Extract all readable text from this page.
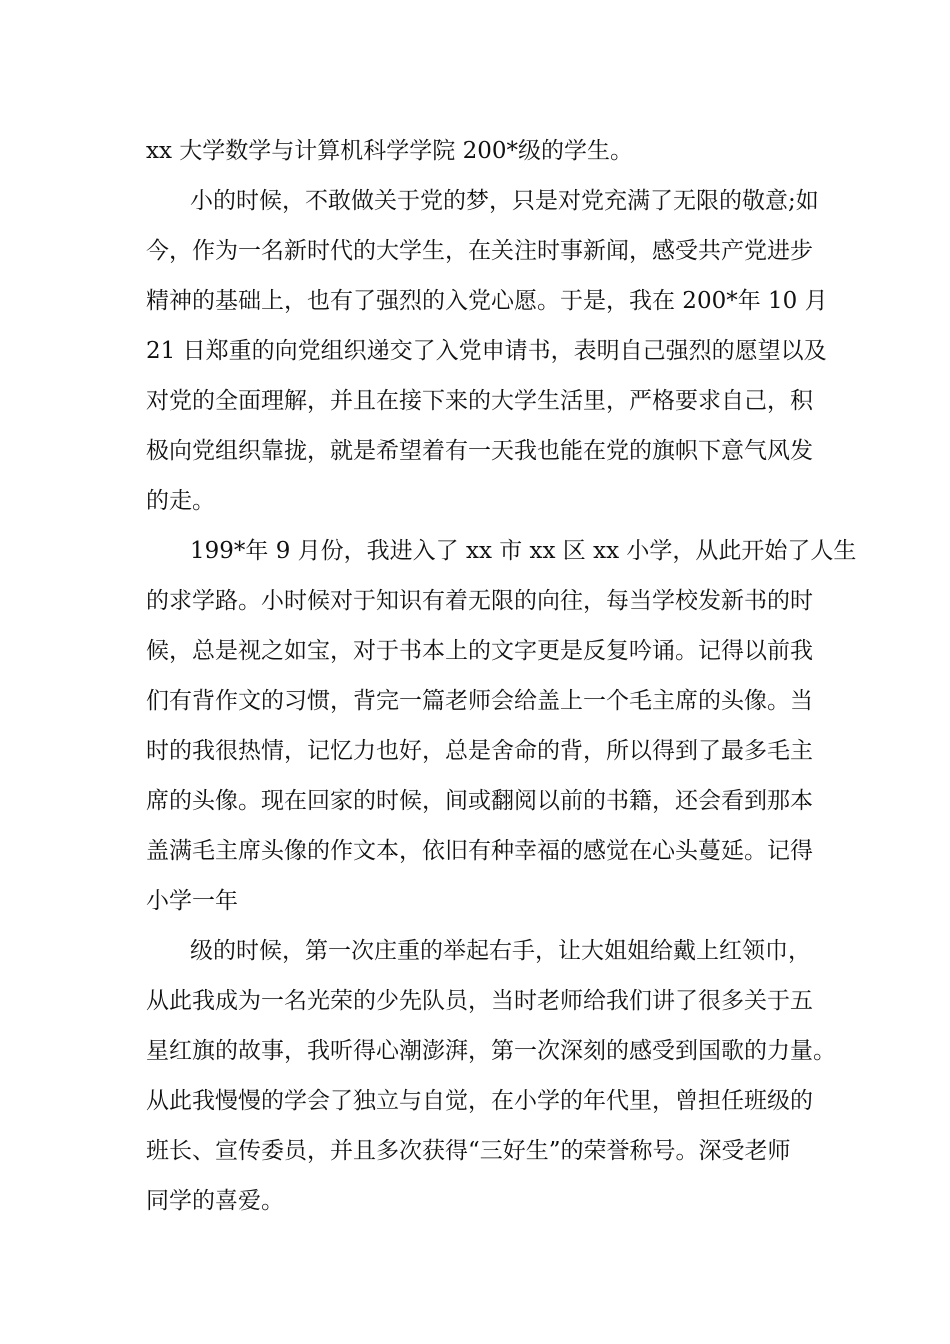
xx 大学数学与计算机科学学院 200*级的学生。
小的时候，不敢做关于党的梦，只是对党充满了无限的敬意;如
今，作为一名新时代的大学生，在关注时事新闻，感受共产党进步
精神的基础上，也有了强烈的入党心愿。于是，我在 200*年 10 月
21 日郑重的向党组织递交了入党申请书，表明自己强烈的愿望以及
对党的全面理解，并且在接下来的大学生活里，严格要求自己，积
极向党组织靠拢，就是希望着有一天我也能在党的旗帜下意气风发
的走。
199*年 9 月份，我进入了 xx 市 xx 区 xx 小学，从此开始了人生
的求学路。小时候对于知识有着无限的向往，每当学校发新书的时
候，总是视之如宝，对于书本上的文字更是反复吟诵。记得以前我
们有背作文的习惯，背完一篇老师会给盖上一个毛主席的头像。当
时的我很热情，记忆力也好，总是舍命的背，所以得到了最多毛主
席的头像。现在回家的时候，间或翻阅以前的书籍，还会看到那本
盖满毛主席头像的作文本，依旧有种幸福的感觉在心头蔓延。记得
小学一年
级的时候，第一次庄重的举起右手，让大姐姐给戴上红领巾，
从此我成为一名光荣的少先队员，当时老师给我们讲了很多关于五
星红旗的故事，我听得心潮澎湃，第一次深刻的感受到国歌的力量。
从此我慢慢的学会了独立与自觉，在小学的年代里，曾担任班级的
班长、宣传委员，并且多次获得“三好生”的荣誉称号。深受老师
同学的喜爱。
